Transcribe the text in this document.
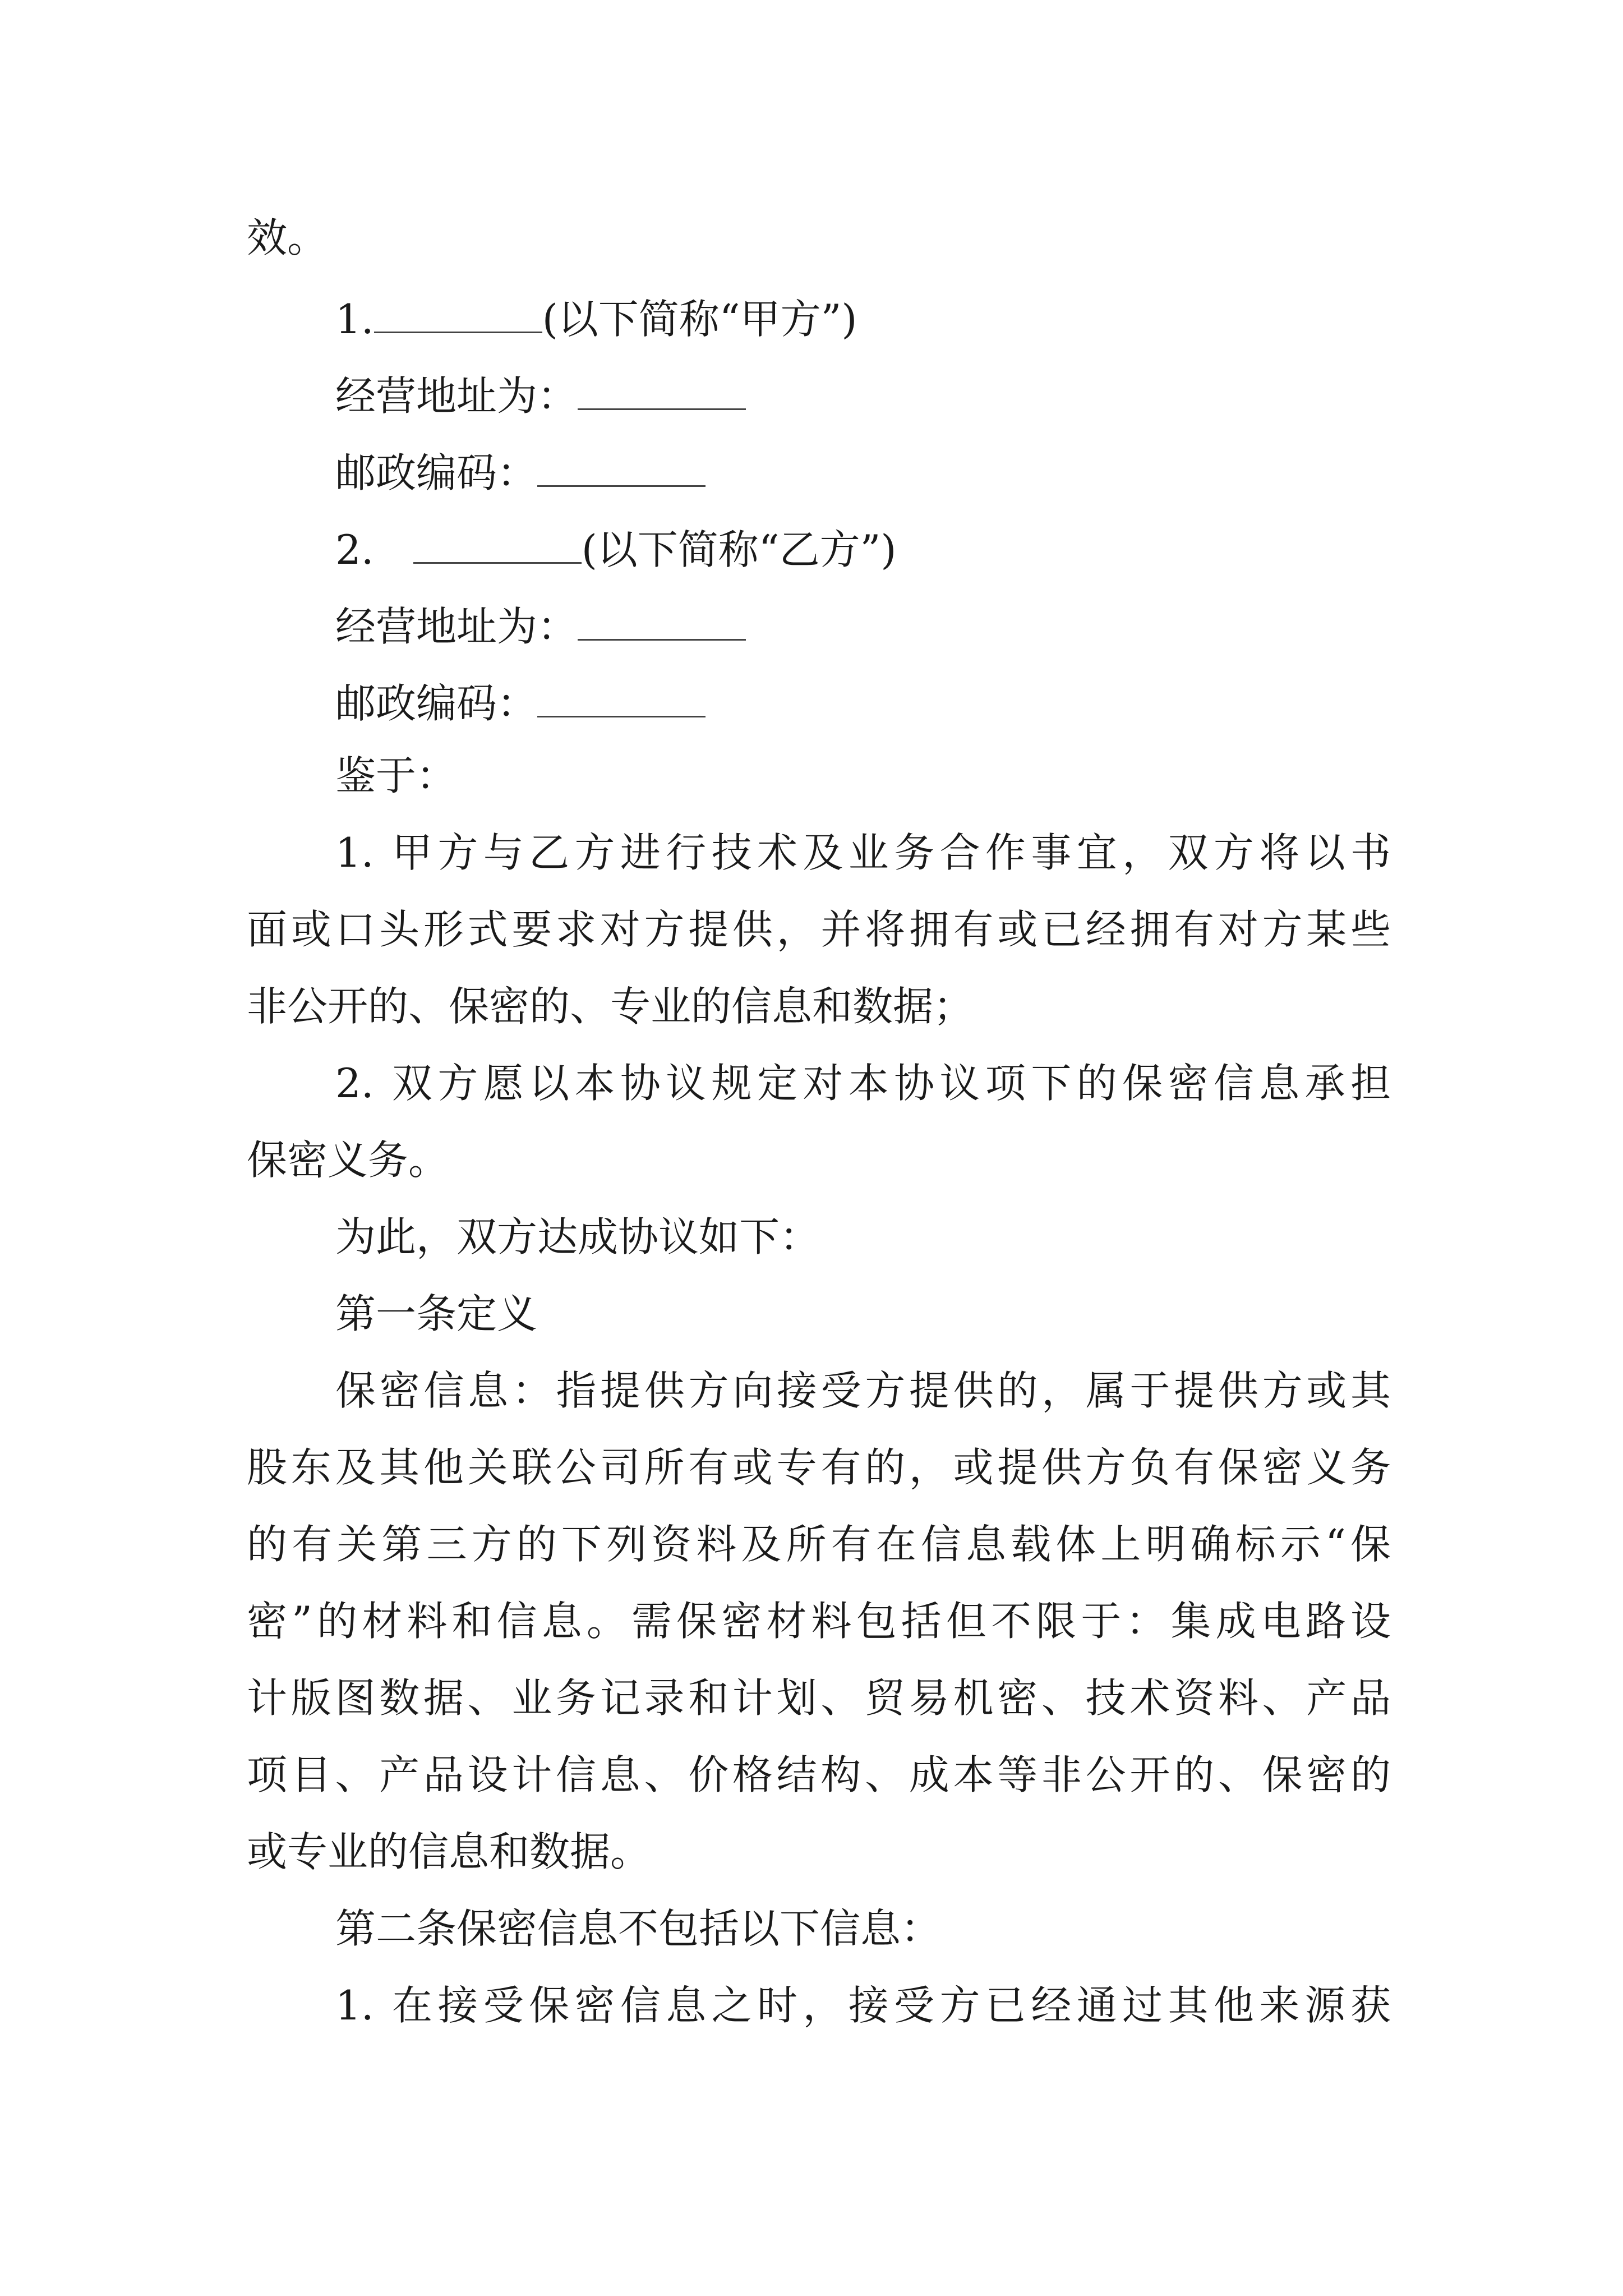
效。
1.	(以下简称“甲方”)
经营地址为：
邮政编码：
2.	(以下简称“乙方”)
经营地址为：
邮政编码：
鉴于：
1. 甲方与乙方进行技术及业务合作事宜，双方将以书
面或口头形式要求对方提供，并将拥有或已经拥有对方某些
非公开的、保密的、专业的信息和数据；
2. 双方愿以本协议规定对本协议项下的保密信息承担
保密义务。
为此，双方达成协议如下：
第一条定义
保密信息：指提供方向接受方提供的，属于提供方或其
股东及其他关联公司所有或专有的，或提供方负有保密义务
的有关第三方的下列资料及所有在信息载体上明确标示“保
密”的材料和信息。需保密材料包括但不限于：集成电路设
计版图数据、业务记录和计划、贸易机密、技术资料、产品
项目、产品设计信息、价格结构、成本等非公开的、保密的
或专业的信息和数据。
第二条保密信息不包括以下信息：
1. 在接受保密信息之时，接受方已经通过其他来源获
